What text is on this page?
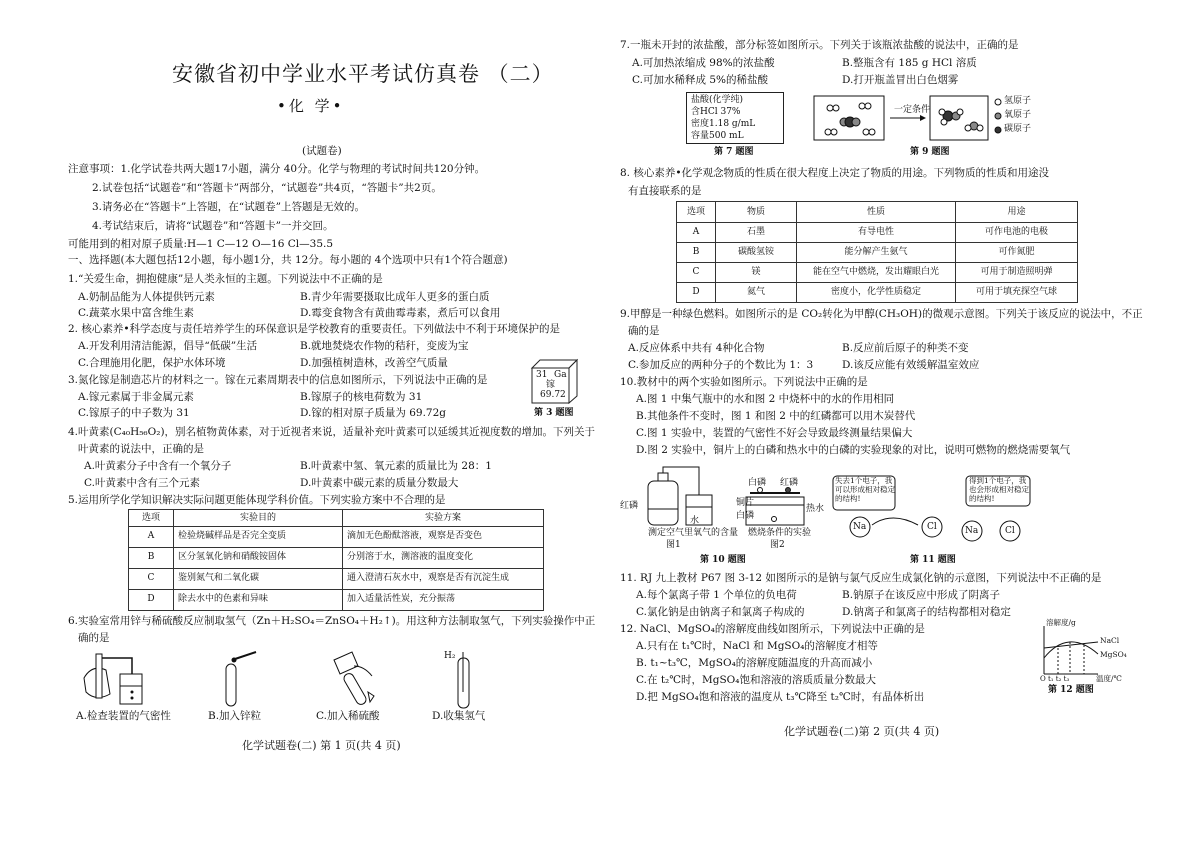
安徽省初中学业水平考试仿真卷 （二）
•化 学•
(试题卷)
注意事项：1.化学试卷共两大题17小题，满分 40分。化学与物理的考试时间共120分钟。
2.试卷包括“试题卷”和“答题卡”两部分，“试题卷”共4页，“答题卡”共2页。
3.请务必在“答题卡”上答题，在“试题卷”上答题是无效的。
4.考试结束后，请将“试题卷”和“答题卡”一并交回。
可能用到的相对原子质量:H—1 C—12 O—16 Cl—35.5
一、选择题(本大题包括12小题，每小题1分，共 12分。每小题的 4个选项中只有1个符合题意)
1.“关爱生命，拥抱健康”是人类永恒的主题。下列说法中不正确的是
A.奶制品能为人体提供钙元素	B.青少年需要摄取比成年人更多的蛋白质
C.蔬菜水果中富含维生素	D.霉变食物含有黄曲霉毒素，煮后可以食用
2. 核心素养•科学态度与责任培养学生的环保意识是学校教育的重要责任。下列做法中不利于环境保护的是
A.开发利用清洁能源，倡导“低碳”生活	B.就地焚烧农作物的秸秆，变废为宝
C.合理施用化肥，保护水体环境	D.加强植树造林，改善空气质量
3.氮化镓是制造芯片的材料之一。镓在元素周期表中的信息如图所示，下列说法中正确的是
A.镓元素属于非金属元素	B.镓原子的核电荷数为 31
C.镓原子的中子数为 31	D.镓的相对原子质量为 69.72g
31 Ga
镓
69.72
第 3 题图
4.叶黄素(C₄₀H₅₆O₂)，别名植物黄体素，对于近视者来说，适量补充叶黄素可以延缓其近视度数的增加。下列关于
叶黄素的说法中，正确的是
A.叶黄素分子中含有一个氧分子	B.叶黄素中氢、氧元素的质量比为 28：1
C.叶黄素中含有三个元素	D.叶黄素中碳元素的质量分数最大
5.运用所学化学知识解决实际问题更能体现学科价值。下列实验方案中不合理的是
选项	实验目的	实验方案
A	检验烧碱样品是否完全变质	滴加无色酚酞溶液，观察是否变色
B	区分氢氧化钠和硝酸铵固体	分别溶于水，测溶液的温度变化
C	鉴别氮气和二氧化碳	通入澄清石灰水中，观察是否有沉淀生成
D	除去水中的色素和异味	加入适量活性炭，充分振荡
6.实验室常用锌与稀硫酸反应制取氢气（Zn＋H₂SO₄＝ZnSO₄＋H₂↑)。用这种方法制取氢气，下列实验操作中正
确的是
H₂
A.检查装置的气密性	B.加入锌粒	C.加入稀硫酸	D.收集氢气
化学试题卷(二) 第 1 页(共 4 页)
7.一瓶未开封的浓盐酸，部分标签如图所示。下列关于该瓶浓盐酸的说法中，正确的是
A.可加热浓缩成 98%的浓盐酸	B.整瓶含有 185 g HCl 溶质
C.可加水稀释成 5%的稀盐酸	D.打开瓶盖冒出白色烟雾
盐酸(化学纯)
含HCl 37%
密度1.18 g/mL
容量500 mL
第 7 题图
一定条件
氢原子
氧原子
碳原子
第 9 题图
8. 核心素养•化学观念物质的性质在很大程度上决定了物质的用途。下列物质的性质和用途没
有直接联系的是
选项	物质	性质	用途
A	石墨	有导电性	可作电池的电极
B	碳酸氢铵	能分解产生氨气	可作氮肥
C	镁	能在空气中燃烧，发出耀眼白光	可用于制造照明弹
D	氦气	密度小，化学性质稳定	可用于填充探空气球
9.甲醇是一种绿色燃料。如图所示的是 CO₂转化为甲醇(CH₃OH)的微观示意图。下列关于该反应的说法中，不正
确的是
A.反应体系中共有 4种化合物	B.反应前后原子的种类不变
C.参加反应的两种分子的个数比为 1：3	D.该反应能有效缓解温室效应
10.教材中的两个实验如图所示。下列说法中正确的是
A.图 1 中集气瓶中的水和图 2 中烧杯中的水的作用相同
B.其他条件不变时，图 1 和图 2 中的红磷都可以用木炭替代
C.图 1 实验中，装置的气密性不好会导致最终测量结果偏大
D.图 2 实验中，铜片上的白磷和热水中的白磷的实验现象的对比，说明可燃物的燃烧需要氧气
红磷
水
测定空气里氧气的含量
图1
白磷 红磷
铜片
白磷
热水
燃烧条件的实验
图2
第 10 题图
失去1个电子，我可以形成相对稳定的结构!
得到1个电子，我也会形成相对稳定的结构!
Na	Cl	Na	Cl
第 11 题图
11. RJ 九上教材 P67 图 3-12 如图所示的是钠与氯气反应生成氯化钠的示意图，下列说法中不正确的是
A.每个氯离子带 1 个单位的负电荷	B.钠原子在该反应中形成了阴离子
C.氯化钠是由钠离子和氯离子构成的	D.钠离子和氯离子的结构都相对稳定
12. NaCl、MgSO₄的溶解度曲线如图所示，下列说法中正确的是
A.只有在 t₁℃时，NaCl 和 MgSO₄的溶解度才相等
B. t₁~t₃℃，MgSO₄的溶解度随温度的升高而减小
C.在 t₂℃时，MgSO₄饱和溶液的溶质质量分数最大
D.把 MgSO₄饱和溶液的温度从 t₃℃降至 t₂℃时，有晶体析出
溶解度/g
NaCl
MgSO₄
O t₁ t₂ t₃	温度/℃
第 12 题图
化学试题卷(二)第 2 页(共 4 页)
